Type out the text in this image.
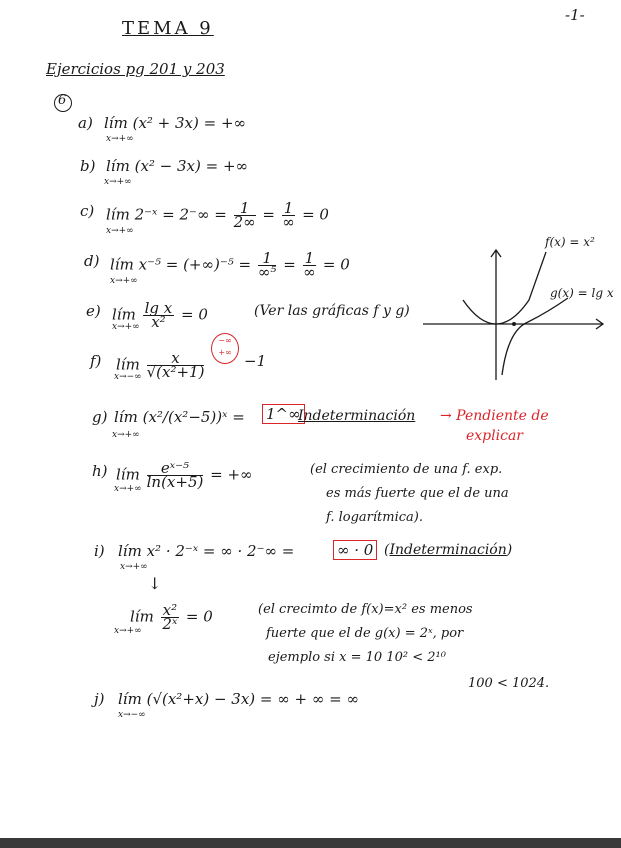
-1-
TEMA 9
Ejercicios pg 201 y 203
6
a) lím (x² + 3x) = +∞
x→+∞
b) lím (x² − 3x) = +∞
x→+∞
c) lím 2⁻ˣ = $2^-\infty = \frac{1}{2\infty} = \frac{1}{\infty} = 0$
x→+∞
d) lím $x^{-5} = (+\infty)^{-5} = \frac{1}{\text{∞⁵}} = \frac{1}{\infty} = 0$
x→+∞
e) lím $\frac{\text{lg x}}{\text{x²}} = 0$
x→+∞
(Ver las gráficas f y g)
f(x) = x²
g(x) = lg x
f) lím $\frac{x}{\text{√(x²+1)}}$
x→−∞
−∞
+∞ −1
g) lím (x²/(x²−5))ˣ =
x→+∞
1^∞
Indeterminación → Pendiente de
explicar
h) lím $\frac{\text{eˣ⁻⁵}}{\ln(x+5)}$ = +∞
x→+∞
(el crecimiento de una f. exp.
es más fuerte que el de una
f. logarítmica).
i) lím x² · 2⁻ˣ = ∞ · 2⁻∞ =
x→+∞
∞ · 0 (Indeterminación)
↓
lím $\frac{\text{x²}}{\text{2ˣ}} = 0$
x→+∞
(el crecimto de f(x)=x² es menos
fuerte que el de g(x) = 2ˣ, por
ejemplo si x = 10 10² < 2¹⁰
100 < 1024.
j) lím (√(x²+x) − 3x) = ∞ + ∞ = ∞
x→−∞
